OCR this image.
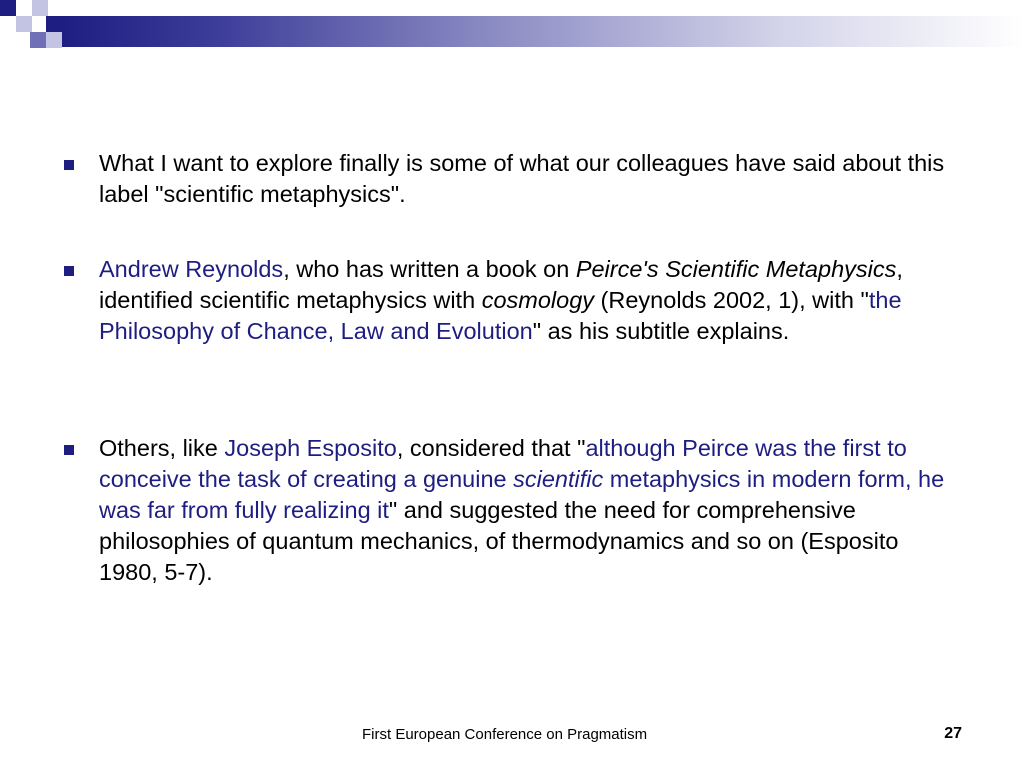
What I want to explore finally is some of what our colleagues have said about this label "scientific metaphysics".
Andrew Reynolds, who has written a book on Peirce's Scientific Metaphysics, identified scientific metaphysics with cosmology (Reynolds 2002, 1), with "the Philosophy of Chance, Law and Evolution" as his subtitle explains.
Others, like Joseph Esposito, considered that "although Peirce was the first to conceive the task of creating a genuine scientific metaphysics in modern form, he was far from fully realizing it" and suggested the need for comprehensive philosophies of quantum mechanics, of thermodynamics and so on (Esposito 1980, 5-7).
First European Conference on Pragmatism	27
